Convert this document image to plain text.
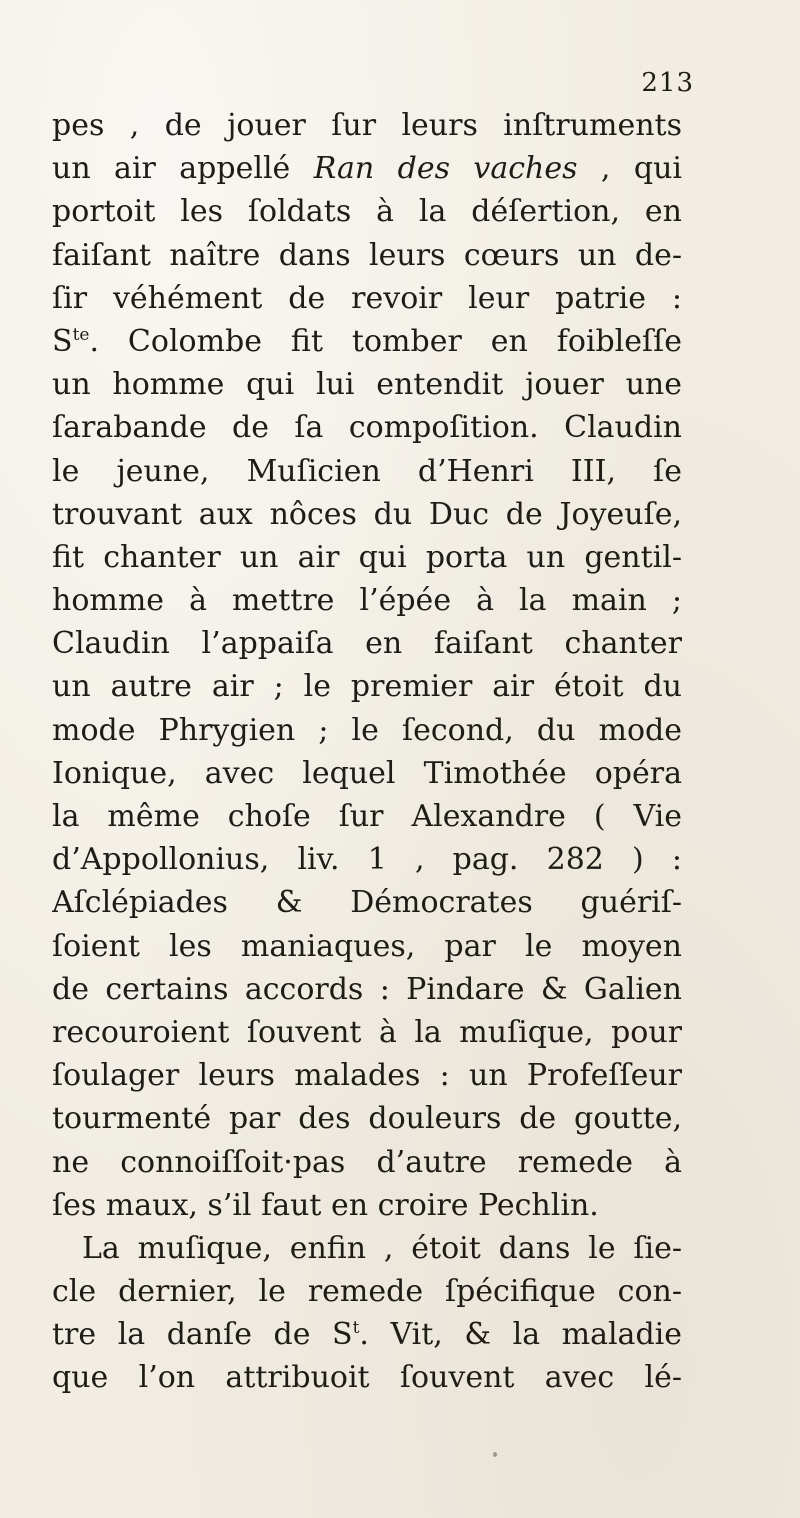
213
pes , de jouer ſur leurs inſtruments
un air appellé Ran des vaches , qui
portoit les ſoldats à la déſertion, en
faiſant naître dans leurs cœurs un de-
ſir véhément de revoir leur patrie :
$S^{te}$. Colombe fit tomber en foibleſſe
un homme qui lui entendit jouer une
ſarabande de ſa compoſition. Claudin
le jeune, Muſicien d’Henri III, ſe
trouvant aux nôces du Duc de Joyeuſe,
fit chanter un air qui porta un gentil-
homme à mettre l’épée à la main ;
Claudin l’appaiſa en faiſant chanter
un autre air ; le premier air étoit du
mode Phrygien ; le ſecond, du mode
Ionique, avec lequel Timothée opéra
la même choſe ſur Alexandre ( Vie
d’Appollonius, liv. 1 , pag. 282 ) :
Aſclépiades & Démocrates guériſ-
ſoient les maniaques, par le moyen
de certains accords : Pindare & Galien
recouroient ſouvent à la muſique, pour
ſoulager leurs malades : un Profeſſeur
tourmenté par des douleurs de goutte,
ne connoiſſoit·pas d’autre remede à
ſes maux, s’il faut en croire Pechlin.
La muſique, enfin , étoit dans le ſie-
cle dernier, le remede ſpécifique con-
tre la danſe de $S^t$. Vit, & la maladie
que l’on attribuoit ſouvent avec lé-
